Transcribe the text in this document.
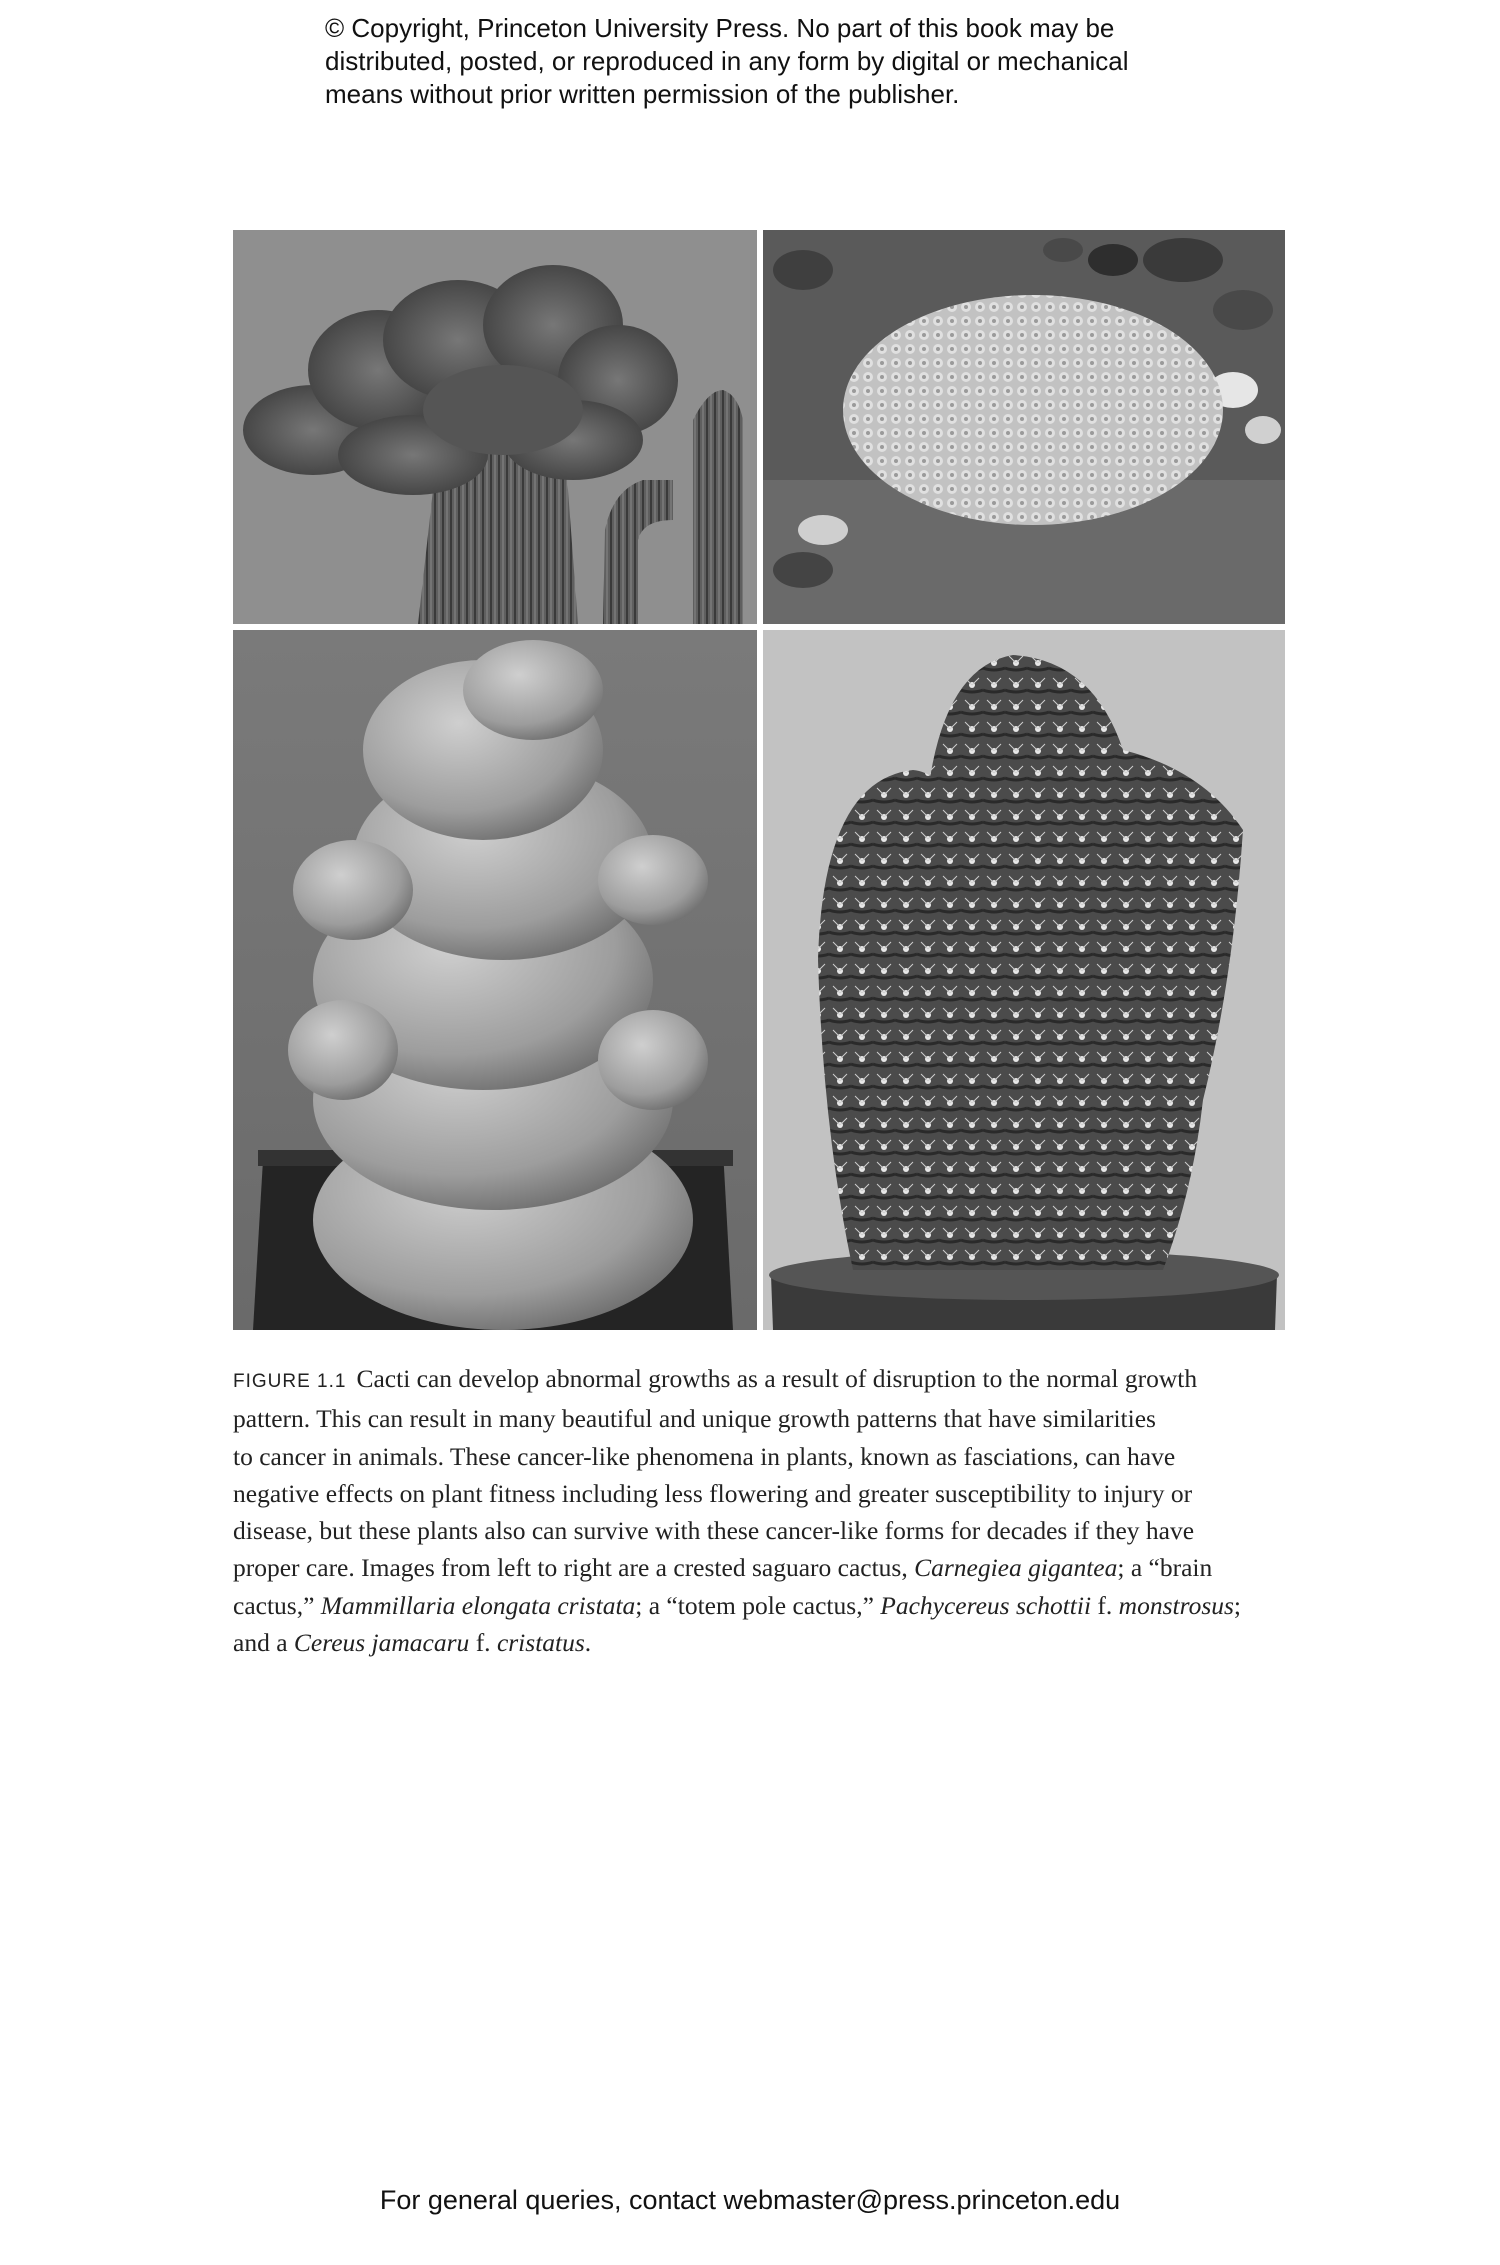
© Copyright, Princeton University Press. No part of this book may be
distributed, posted, or reproduced in any form by digital or mechanical
means without prior written permission of the publisher.
FIGURE 1.1 Cacti can develop abnormal growths as a result of disruption to the normal growth
pattern. This can result in many beautiful and unique growth patterns that have similarities
to cancer in animals. These cancer-like phenomena in plants, known as fasciations, can have
negative effects on plant fitness including less flowering and greater susceptibility to injury or
disease, but these plants also can survive with these cancer-like forms for decades if they have
proper care. Images from left to right are a crested saguaro cactus, Carnegiea gigantea; a “brain
cactus,” Mammillaria elongata cristata; a “totem pole cactus,” Pachycereus schottii f. monstrosus;
and a Cereus jamacaru f. cristatus.
For general queries, contact webmaster@press.princeton.edu
